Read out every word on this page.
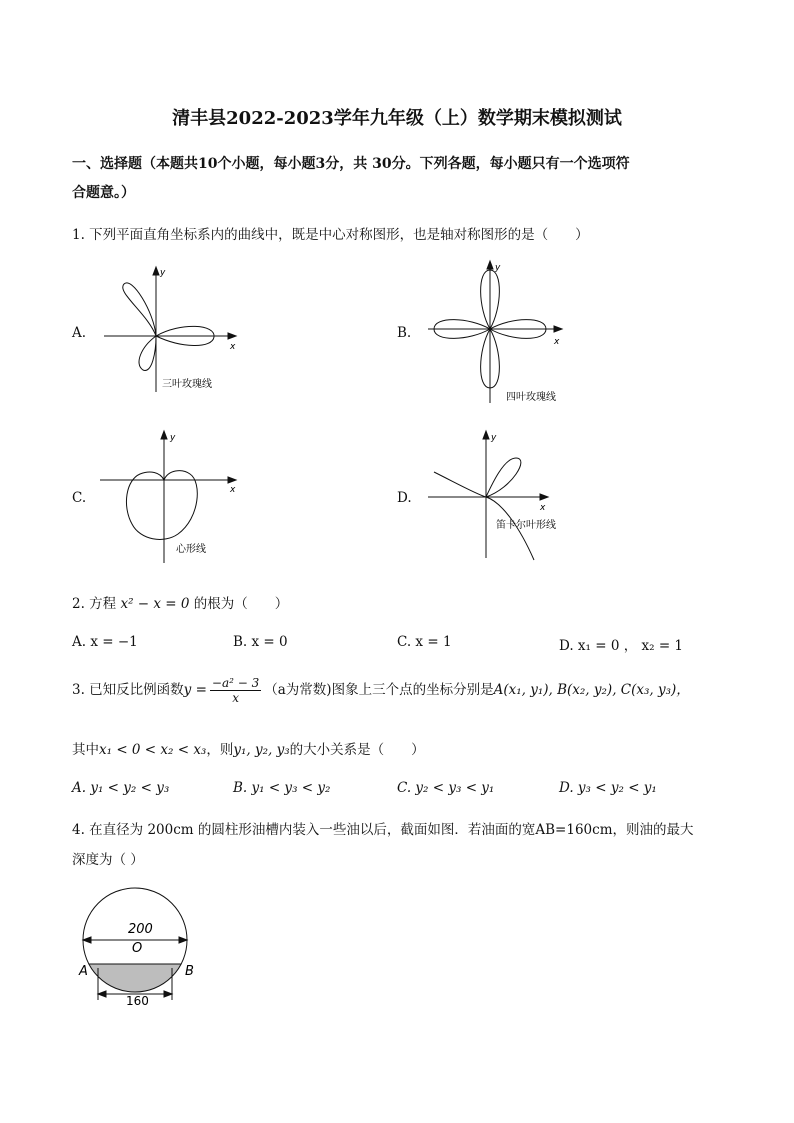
清丰县2022-2023学年九年级（上）数学期末模拟测试
一、选择题（本题共10个小题，每小题3分，共 30分。下列各题，每小题只有一个选项符
合题意。）
1. 下列平面直角坐标系内的曲线中，既是中心对称图形，也是轴对称图形的是（　　）
A.	B.
C.	D.
x
y
三叶玫瑰线
x
y
四叶玫瑰线
x
y
心形线
x
y
笛卡尔叶形线
2. 方程 x² − x = 0 的根为（　　）
A. x = −1	B. x = 0	C. x = 1	D. x₁ = 0 ， x₂ = 1
3. 已知反比例函数$y = \frac{\text{−a² − 3}}{x} (a$为常数)图象上三个点的坐标分别是A(x₁, y₁), B(x₂, y₂), C(x₃, y₃)，
其中x₁ < 0 < x₂ < x₃，则y₁, y₂, y₃的大小关系是（　　）
A. y₁ < y₂ < y₃	B. y₁ < y₃ < y₂	C. y₂ < y₃ < y₁	D. y₃ < y₂ < y₁
4. 在直径为 200cm 的圆柱形油槽内装入一些油以后，截面如图．若油面的宽AB=160cm，则油的最大
深度为（ ）
200
O
A	B
160
